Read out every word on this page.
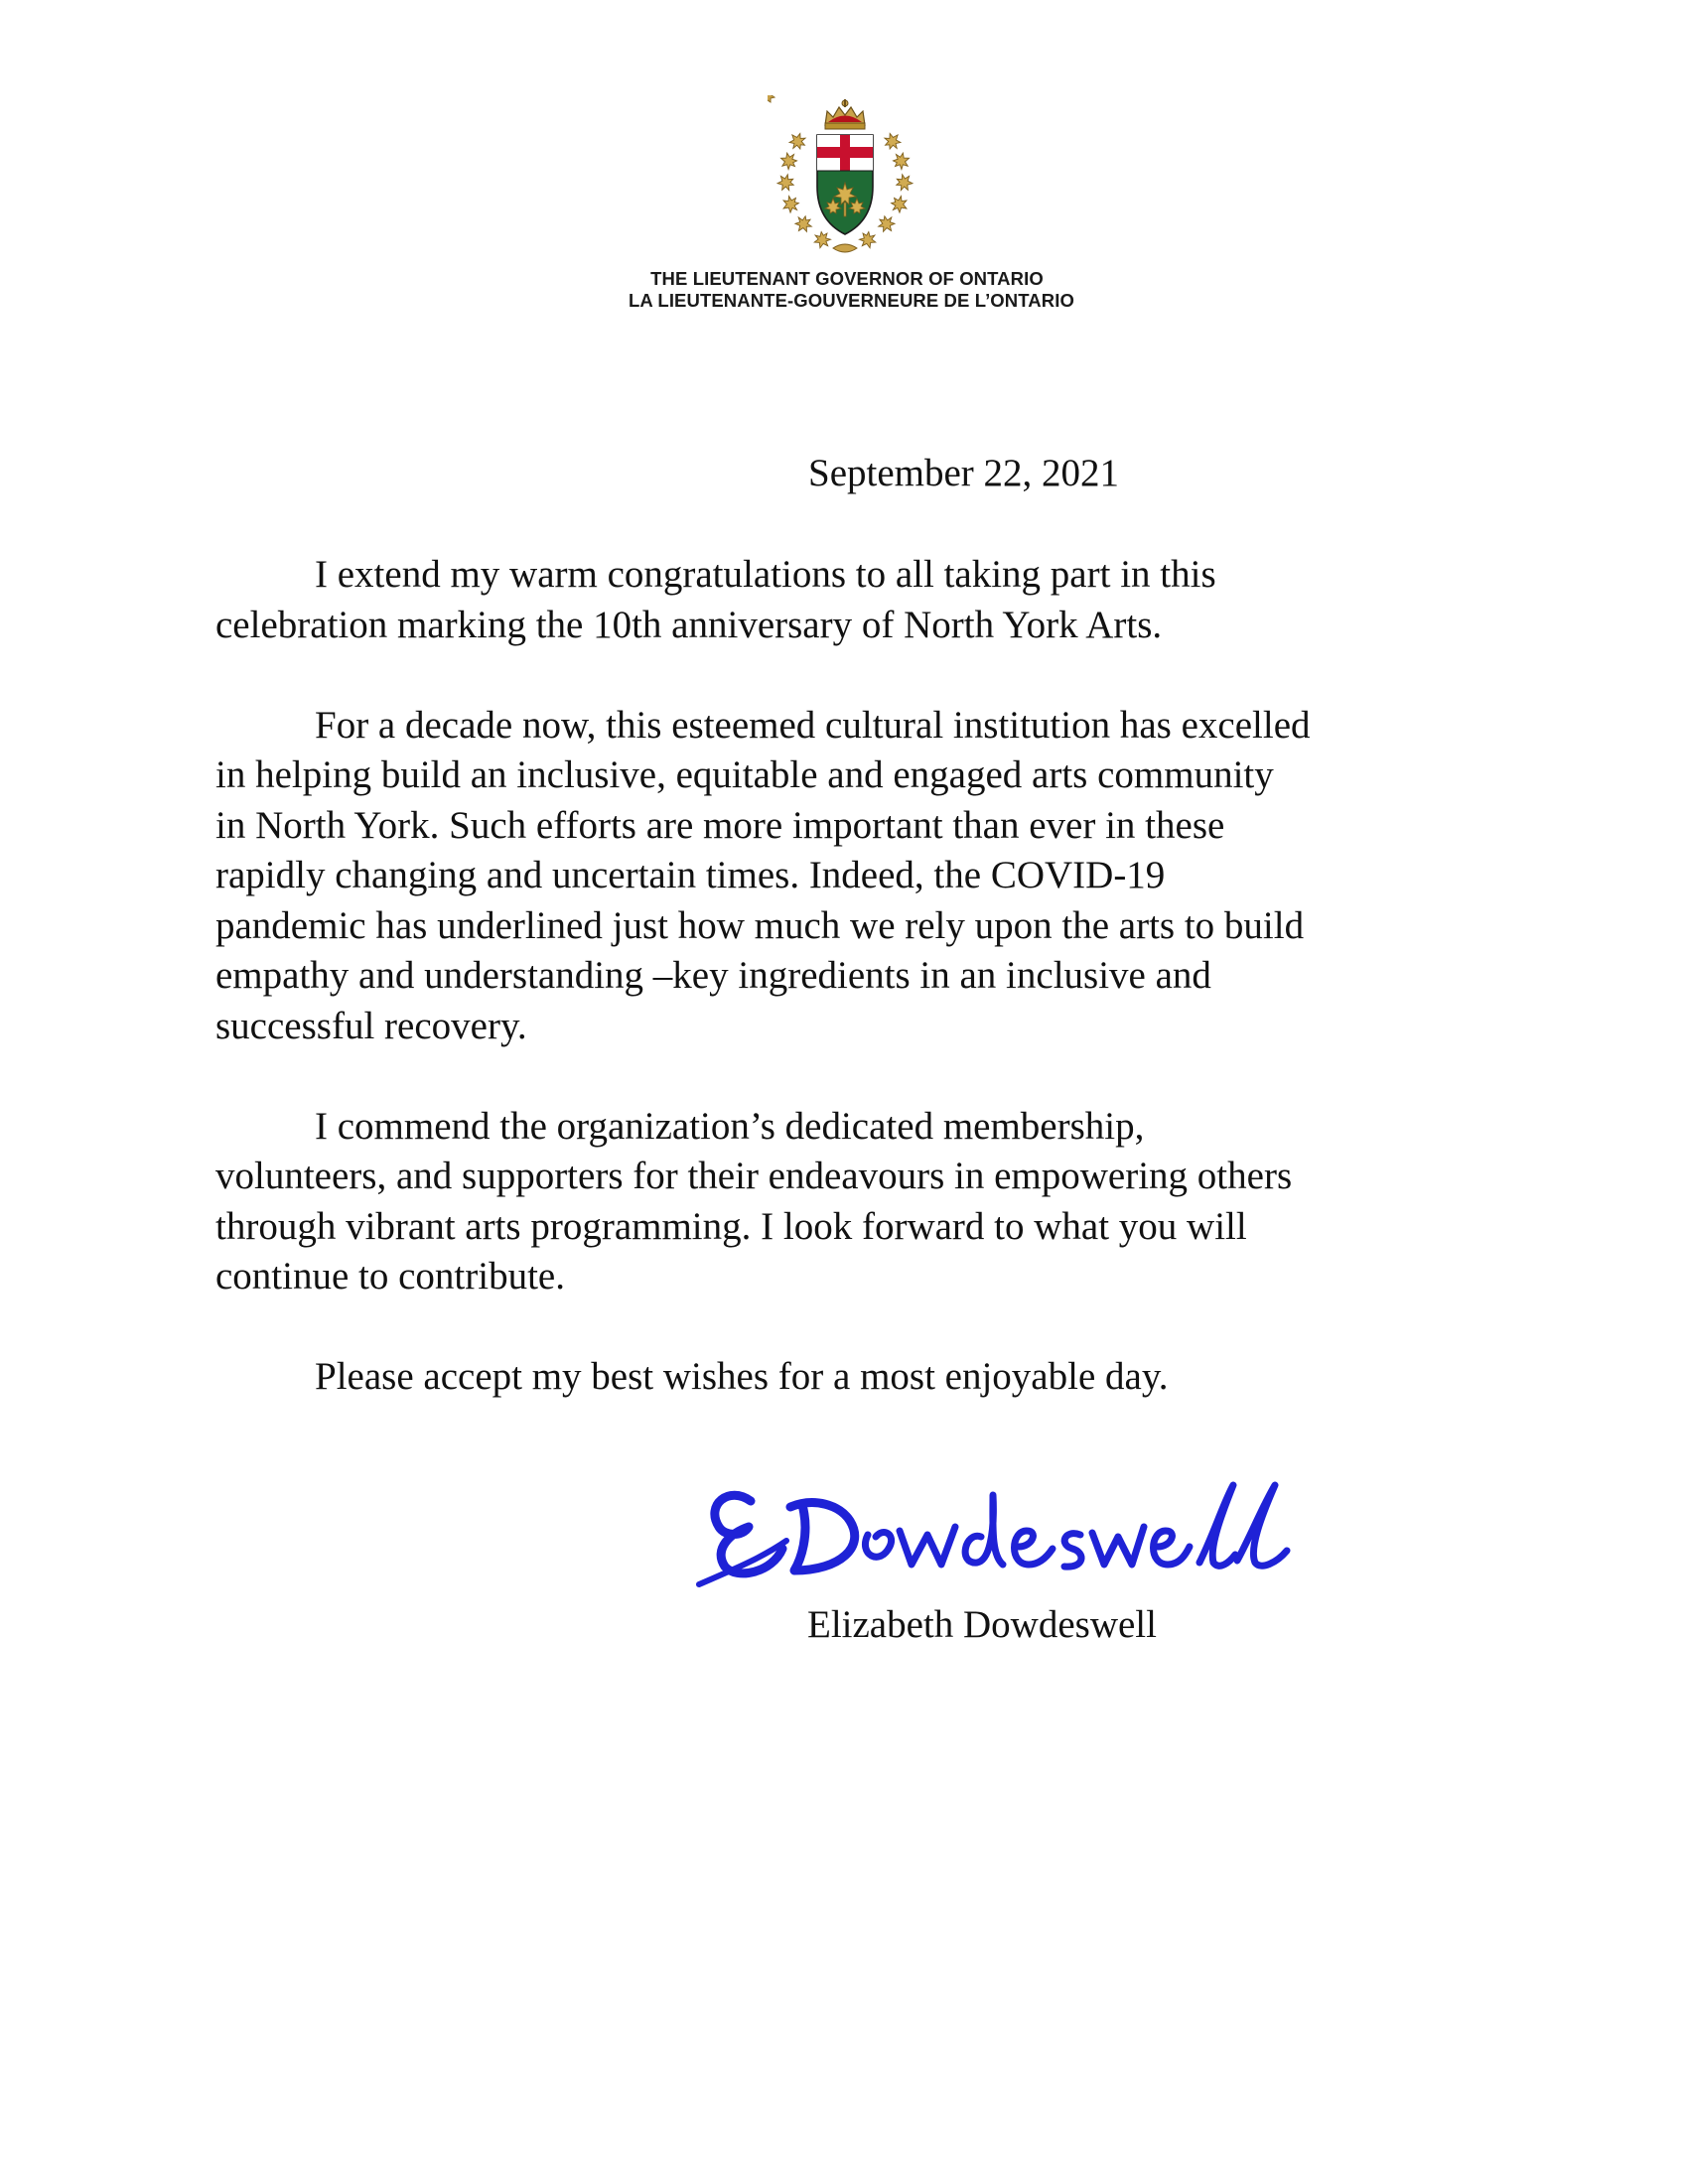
THE LIEUTENANT GOVERNOR OF ONTARIO
LA LIEUTENANTE-GOUVERNEURE DE L’ONTARIO
September 22, 2021

I extend my warm congratulations to all taking part in this
celebration marking the 10th anniversary of North York Arts.

For a decade now, this esteemed cultural institution has excelled
in helping build an inclusive, equitable and engaged arts community
in North York. Such efforts are more important than ever in these
rapidly changing and uncertain times. Indeed, the COVID-19
pandemic has underlined just how much we rely upon the arts to build
empathy and understanding –key ingredients in an inclusive and
successful recovery.

I commend the organization’s dedicated membership,
volunteers, and supporters for their endeavours in empowering others
through vibrant arts programming. I look forward to what you will
continue to contribute.

Please accept my best wishes for a most enjoyable day.

Elizabeth Dowdeswell
